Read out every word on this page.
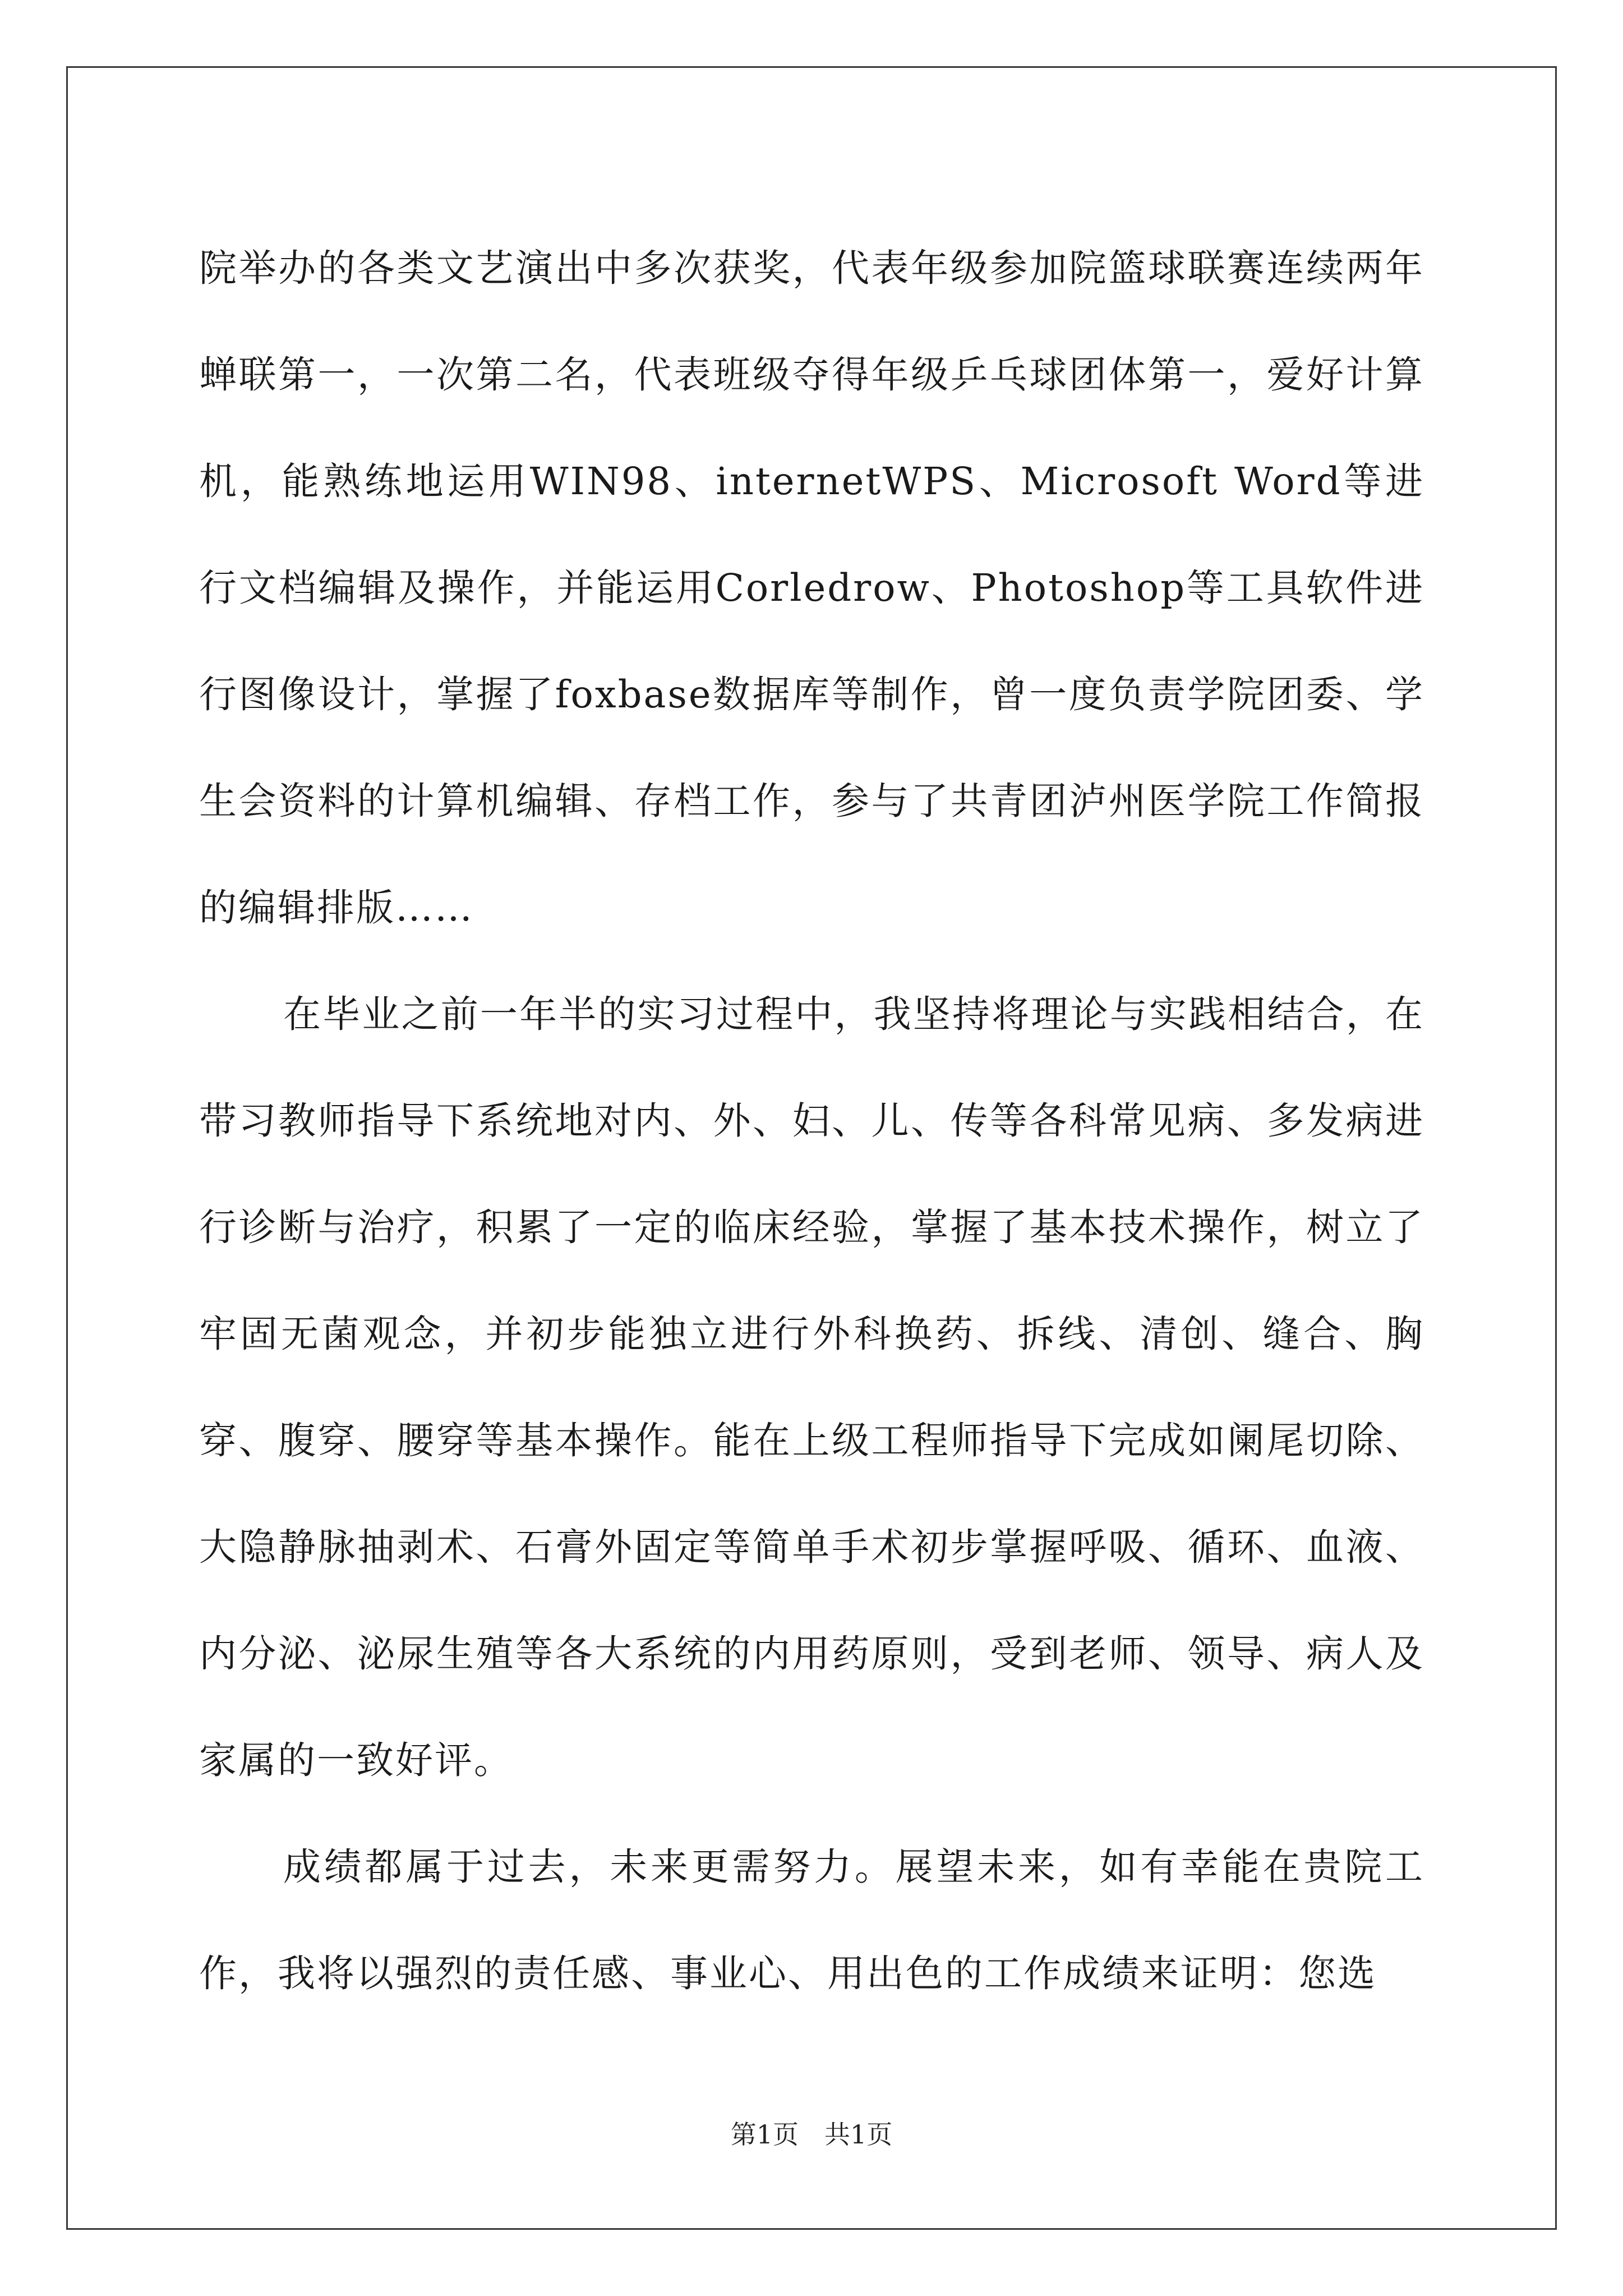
院举办的各类文艺演出中多次获奖，代表年级参加院篮球联赛连续两年蝉联第一，一次第二名，代表班级夺得年级乒乓球团体第一，爱好计算机，能熟练地运用WIN98、internetWPS、Microsoft Word等进行文档编辑及操作，并能运用Corledrow、Photoshop等工具软件进行图像设计，掌握了foxbase数据库等制作，曾一度负责学院团委、学生会资料的计算机编辑、存档工作，参与了共青团泸州医学院工作简报的编辑排版……

在毕业之前一年半的实习过程中，我坚持将理论与实践相结合，在带习教师指导下系统地对内、外、妇、儿、传等各科常见病、多发病进行诊断与治疗，积累了一定的临床经验，掌握了基本技术操作，树立了牢固无菌观念，并初步能独立进行外科换药、拆线、清创、缝合、胸穿、腹穿、腰穿等基本操作。能在上级工程师指导下完成如阑尾切除、大隐静脉抽剥术、石膏外固定等简单手术初步掌握呼吸、循环、血液、内分泌、泌尿生殖等各大系统的内用药原则，受到老师、领导、病人及家属的一致好评。

成绩都属于过去，未来更需努力。展望未来，如有幸能在贵院工作，我将以强烈的责任感、事业心、用出色的工作成绩来证明：您选

第1页　共1页
